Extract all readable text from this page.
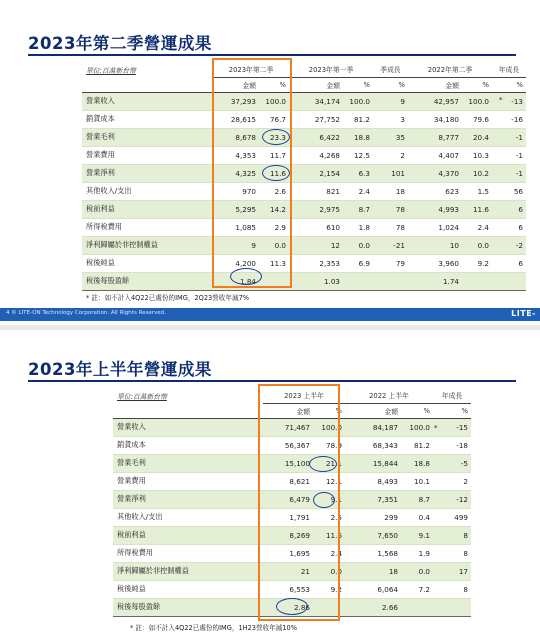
2023年第二季營運成果
單位:百萬新台幣	2023年第二季		2023年第一季		季成長	2022年第二季		年成長
	金額	%	金額	%	%	金額	%	%
營業收入	37,293	100.0	34,174	100.0	9	42,957	100.0	-13
銷貨成本	28,615	76.7	27,752	81.2	3	34,180	79.6	-16
營業毛利	8,678	23.3	6,422	18.8	35	8,777	20.4	-1
營業費用	4,353	11.7	4,268	12.5	2	4,407	10.3	-1
營業淨利	4,325	11.6	2,154	6.3	101	4,370	10.2	-1
其他收入/支出	970	2.6	821	2.4	18	623	1.5	56
稅前利益	5,295	14.2	2,975	8.7	78	4,993	11.6	6
所得稅費用	1,085	2.9	610	1.8	78	1,024	2.4	6
淨利歸屬於非控制權益	9	0.0	12	0.0	-21	10	0.0	-2
稅後純益	4,200	11.3	2,353	6.9	79	3,960	9.2	6
稅後每股盈餘	1.84		1.03			1.74		
*
* 註：如不計入4Q22已處份的IMG，2Q23營收年減7%
4 © LITE-ON Technology Corporation. All Rights Reserved.	LITE-
2023年上半年營運成果
單位:百萬新台幣	2023 上半年		2022 上半年		年成長
	金額	%	金額	%	%
營業收入	71,467	100.0	84,187	100.0	-15
銷貨成本	56,367	78.9	68,343	81.2	-18
營業毛利	15,100	21.1	15,844	18.8	-5
營業費用	8,621	12.1	8,493	10.1	2
營業淨利	6,479	9.1	7,351	8.7	-12
其他收入/支出	1,791	2.5	299	0.4	499
稅前利益	8,269	11.6	7,650	9.1	8
所得稅費用	1,695	2.4	1,568	1.9	8
淨利歸屬於非控制權益	21	0.0	18	0.0	17
稅後純益	6,553	9.2	6,064	7.2	8
稅後每股盈餘	2.86		2.66		
*
* 註：如不計入4Q22已處份的IMG，1H23營收年減10%
